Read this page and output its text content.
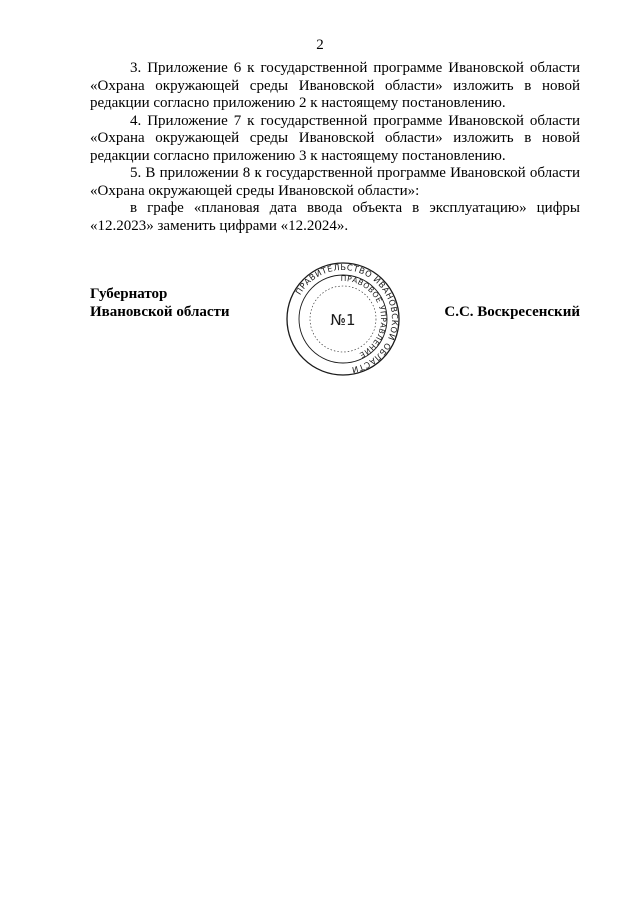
2

3. Приложение 6 к государственной программе Ивановской области «Охрана окружающей среды Ивановской области» изложить в новой редакции согласно приложению 2 к настоящему постановлению.

4. Приложение 7 к государственной программе Ивановской области «Охрана окружающей среды Ивановской области» изложить в новой редакции согласно приложению 3 к настоящему постановлению.

5. В приложении 8 к государственной программе Ивановской области «Охрана окружающей среды Ивановской области»:

в графе «плановая дата ввода объекта в эксплуатацию» цифры «12.2023» заменить цифрами «12.2024».

Губернатор
Ивановской области
ПРАВИТЕЛЬСТВО ИВАНОВСКОЙ ОБЛАСТИ
ПРАВОВОЕ УПРАВЛЕНИЕ
№1	С.С. Воскресенский
